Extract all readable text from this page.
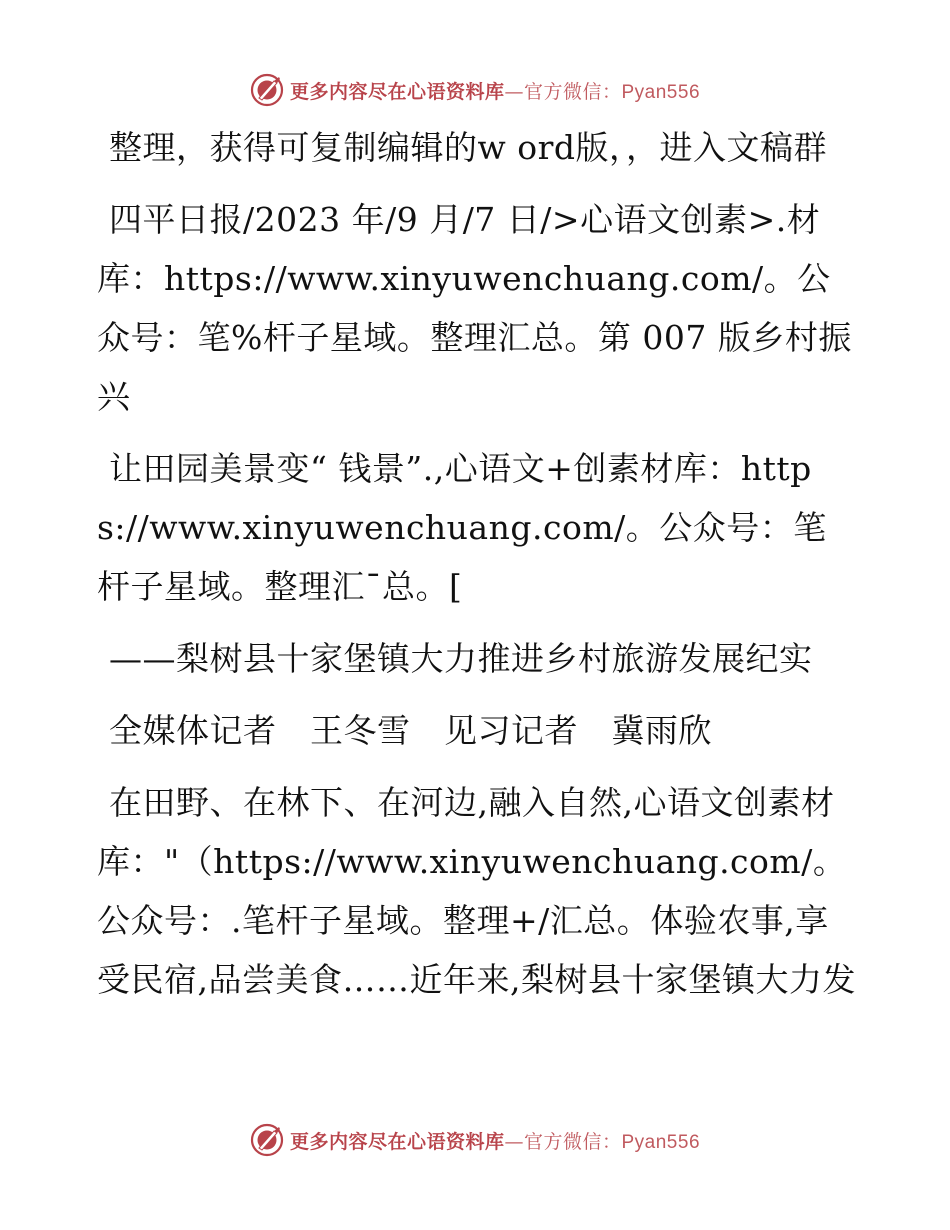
更多内容尽在心语资料库—官方微信：Pyan556

整理，获得可复制编辑的w ord版，，进入文稿群

四平日报/2023 年/9 月/7 日/>心语文创素>.材库：https://www.xinyuwenchuang.com/。公众号：笔%杆子星域。整理汇总。第 007 版乡村振兴

让田园美景变“ 钱景”.,心语文+创素材库：https://www.xinyuwenchuang.com/。公众号：笔杆子星域。整理汇¯总。[

——梨树县十家堡镇大力推进乡村旅游发展纪实

全媒体记者　王冬雪　见习记者　冀雨欣

在田野、在林下、在河边,融入自然,心语文创素材库："（https://www.xinyuwenchuang.com/。公众号：.笔杆子星域。整理+/汇总。体验农事,享受民宿,品尝美食……近年来,梨树县十家堡镇大力发

更多内容尽在心语资料库—官方微信：Pyan556
